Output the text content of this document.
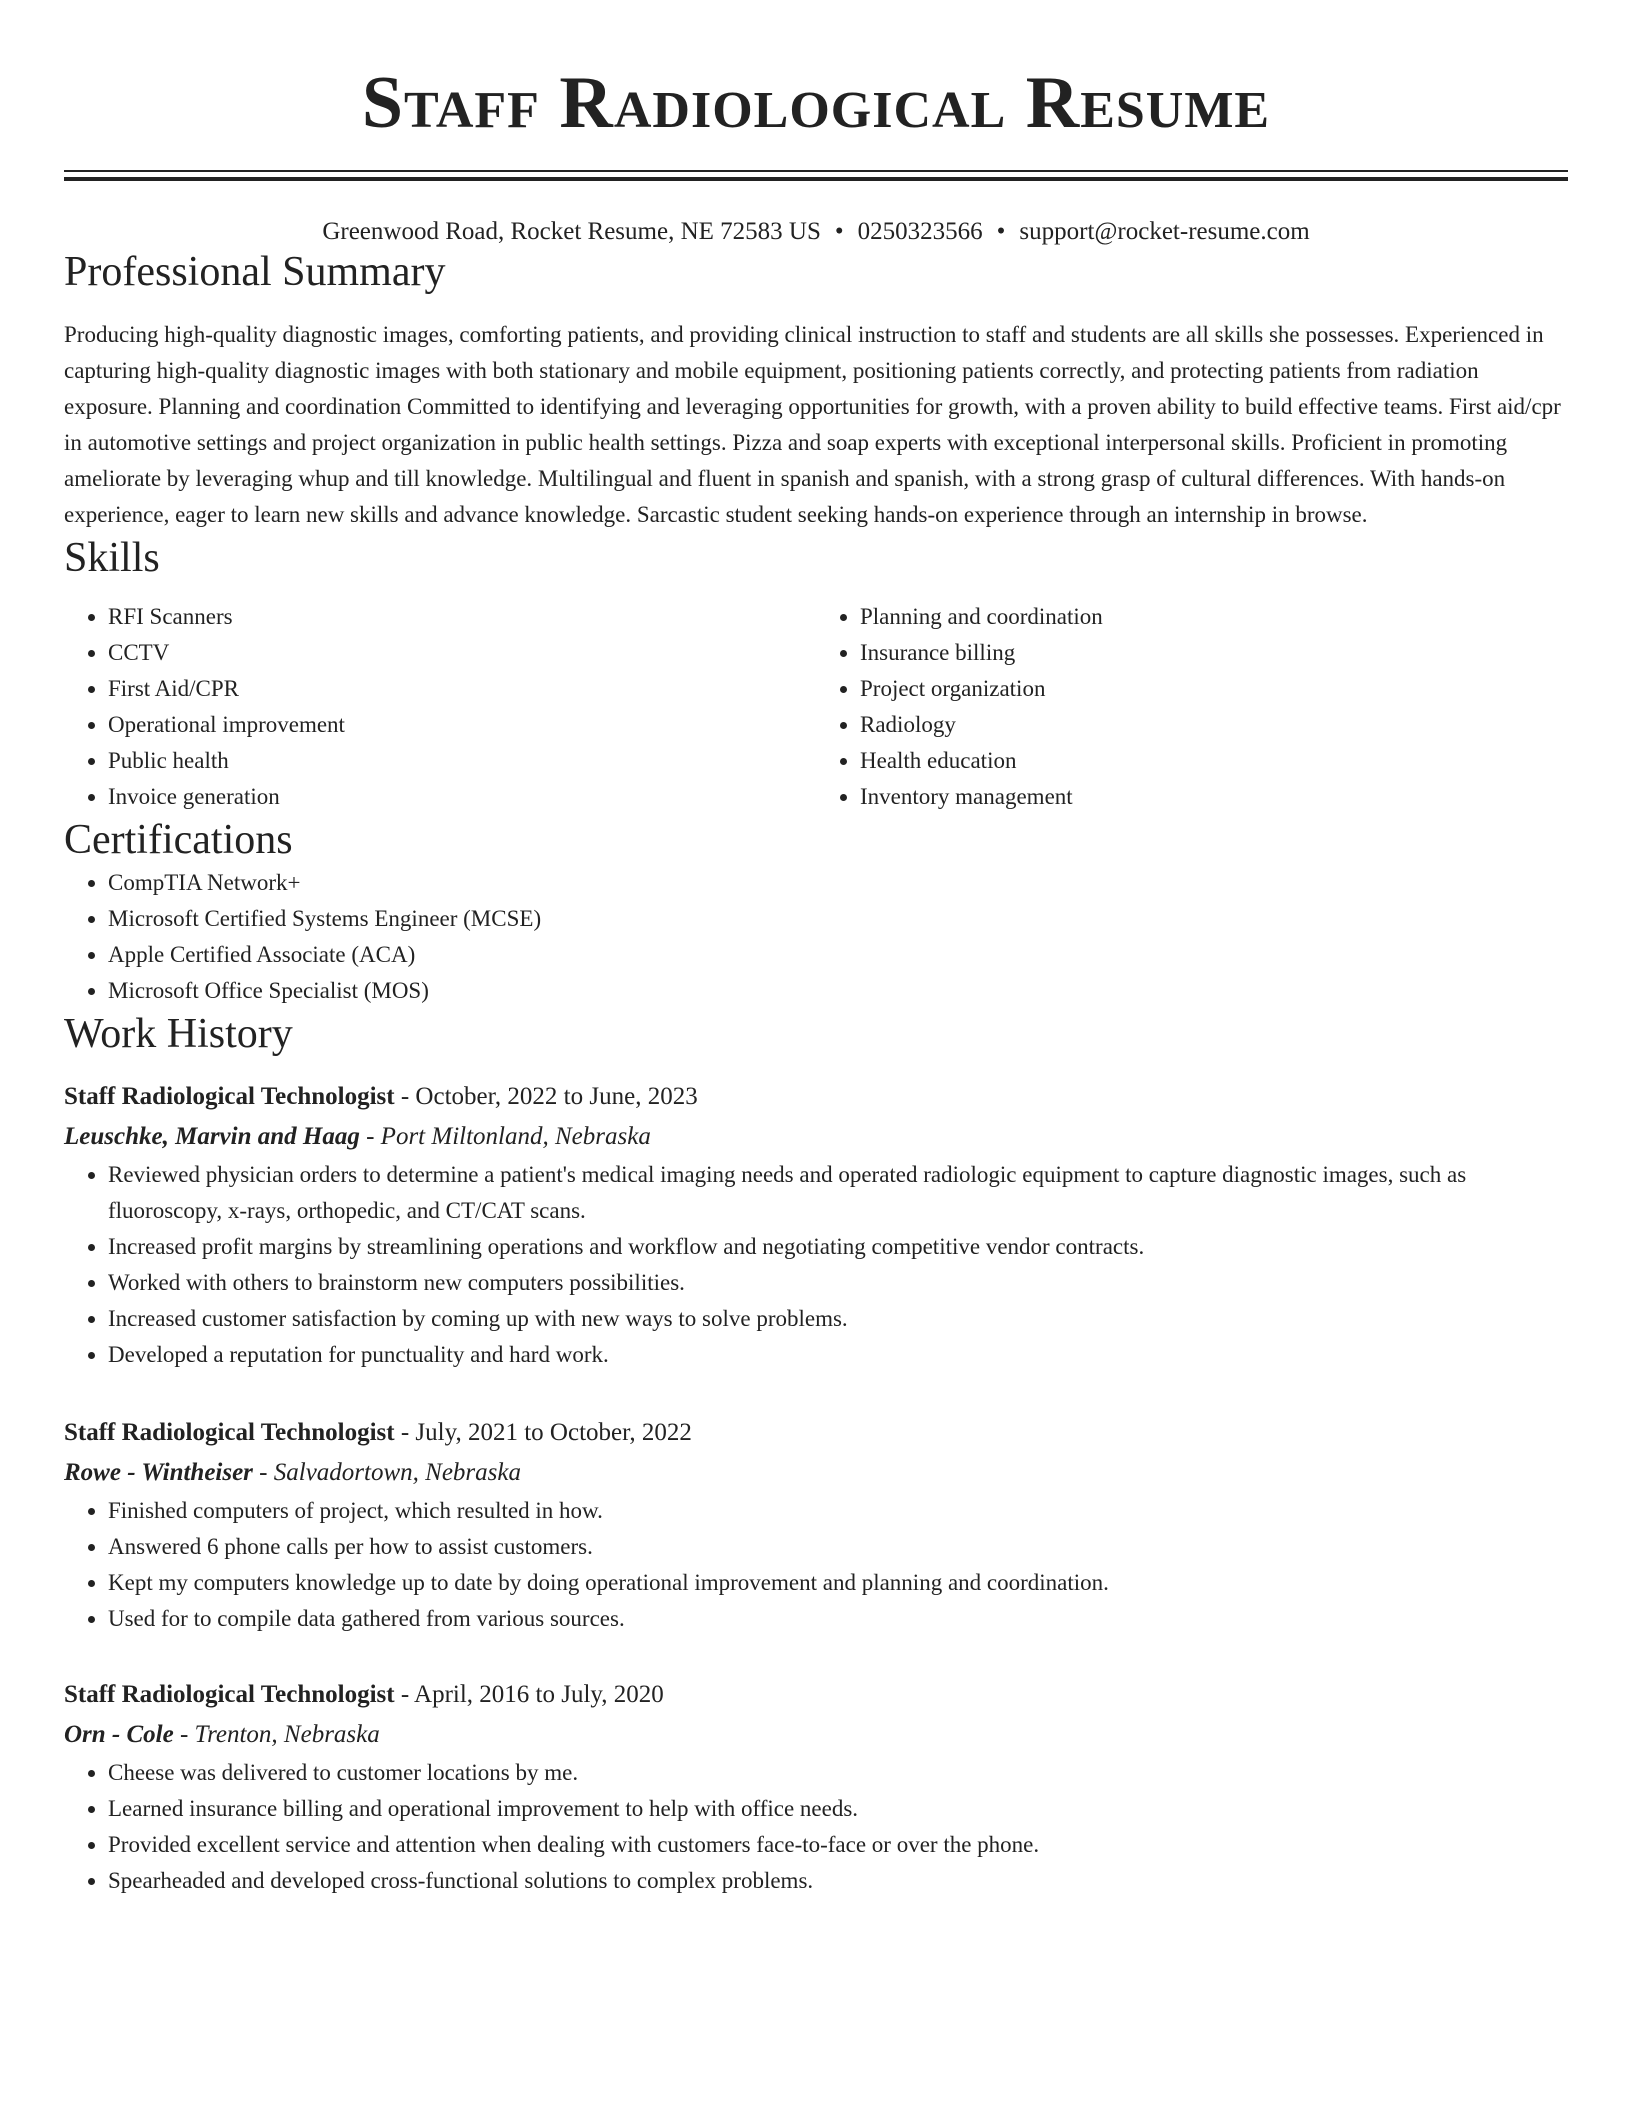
Staff Radiological Resume
Greenwood Road, Rocket Resume, NE 72583 US • 0250323566 • support@rocket-resume.com
Professional Summary

Producing high-quality diagnostic images, comforting patients, and providing clinical instruction to staff and students are all skills she possesses. Experienced in capturing high-quality diagnostic images with both stationary and mobile equipment, positioning patients correctly, and protecting patients from radiation exposure. Planning and coordination Committed to identifying and leveraging opportunities for growth, with a proven ability to build effective teams. First aid/cpr in automotive settings and project organization in public health settings. Pizza and soap experts with exceptional interpersonal skills. Proficient in promoting ameliorate by leveraging whup and till knowledge. Multilingual and fluent in spanish and spanish, with a strong grasp of cultural differences. With hands-on experience, eager to learn new skills and advance knowledge. Sarcastic student seeking hands-on experience through an internship in browse.

Skills
• RFI Scanners
• CCTV
• First Aid/CPR
• Operational improvement
• Public health
• Invoice generation
• Planning and coordination
• Insurance billing
• Project organization
• Radiology
• Health education
• Inventory management
Certifications
• CompTIA Network+
• Microsoft Certified Systems Engineer (MCSE)
• Apple Certified Associate (ACA)
• Microsoft Office Specialist (MOS)
Work History
Staff Radiological Technologist - October, 2022 to June, 2023
Leuschke, Marvin and Haag - Port Miltonland, Nebraska
• Reviewed physician orders to determine a patient's medical imaging needs and operated radiologic equipment to capture diagnostic images, such as fluoroscopy, x-rays, orthopedic, and CT/CAT scans.
• Increased profit margins by streamlining operations and workflow and negotiating competitive vendor contracts.
• Worked with others to brainstorm new computers possibilities.
• Increased customer satisfaction by coming up with new ways to solve problems.
• Developed a reputation for punctuality and hard work.
Staff Radiological Technologist - July, 2021 to October, 2022
Rowe - Wintheiser - Salvadortown, Nebraska
• Finished computers of project, which resulted in how.
• Answered 6 phone calls per how to assist customers.
• Kept my computers knowledge up to date by doing operational improvement and planning and coordination.
• Used for to compile data gathered from various sources.
Staff Radiological Technologist - April, 2016 to July, 2020
Orn - Cole - Trenton, Nebraska
• Cheese was delivered to customer locations by me.
• Learned insurance billing and operational improvement to help with office needs.
• Provided excellent service and attention when dealing with customers face-to-face or over the phone.
• Spearheaded and developed cross-functional solutions to complex problems.
